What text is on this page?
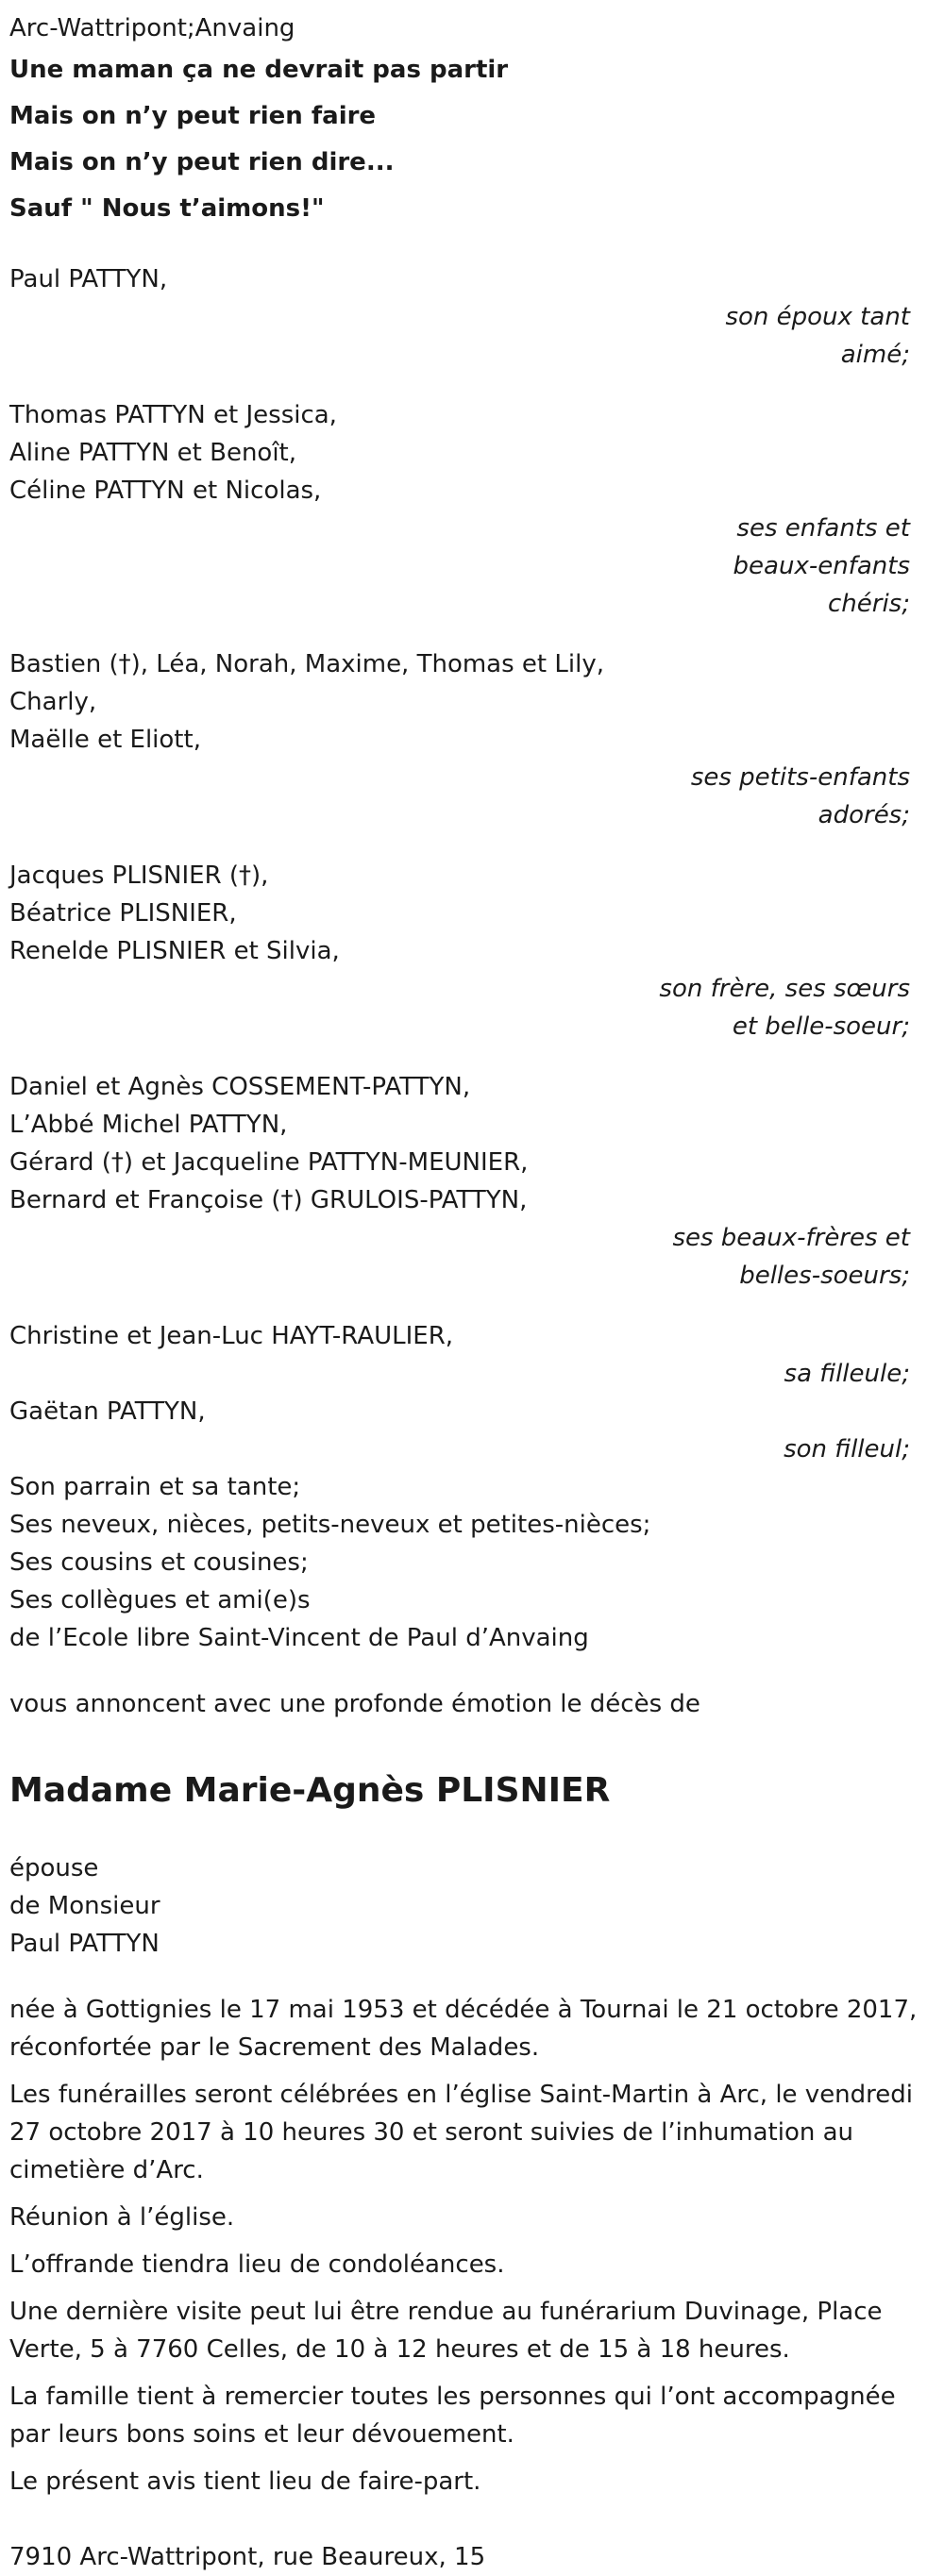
Arc-Wattripont;Anvaing
Une maman ça ne devrait pas partir
Mais on n’y peut rien faire
Mais on n’y peut rien dire...
Sauf " Nous t’aimons!"
Paul PATTYN,
son époux tant
aimé;
Thomas PATTYN et Jessica,
Aline PATTYN et Benoît,
Céline PATTYN et Nicolas,
ses enfants et
beaux-enfants
chéris;
Bastien (†), Léa, Norah, Maxime, Thomas et Lily,
Charly,
Maëlle et Eliott,
ses petits-enfants
adorés;
Jacques PLISNIER (†),
Béatrice PLISNIER,
Renelde PLISNIER et Silvia,
son frère, ses sœurs
et belle-soeur;
Daniel et Agnès COSSEMENT-PATTYN,
L’Abbé Michel PATTYN,
Gérard (†) et Jacqueline PATTYN-MEUNIER,
Bernard et Françoise (†) GRULOIS-PATTYN,
ses beaux-frères et
belles-soeurs;
Christine et Jean-Luc HAYT-RAULIER,
sa filleule;
Gaëtan PATTYN,
son filleul;
Son parrain et sa tante;
Ses neveux, nièces, petits-neveux et petites-nièces;
Ses cousins et cousines;
Ses collègues et ami(e)s
de l’Ecole libre Saint-Vincent de Paul d’Anvaing
vous annoncent avec une profonde émotion le décès de
Madame Marie-Agnès PLISNIER
épouse
de Monsieur
Paul PATTYN
née à Gottignies le 17 mai 1953 et décédée à Tournai le 21 octobre 2017,
réconfortée par le Sacrement des Malades.
Les funérailles seront célébrées en l’église Saint-Martin à Arc, le vendredi
27 octobre 2017 à 10 heures 30 et seront suivies de l’inhumation au
cimetière d’Arc.
Réunion à l’église.
L’offrande tiendra lieu de condoléances.
Une dernière visite peut lui être rendue au funérarium Duvinage, Place
Verte, 5 à 7760 Celles, de 10 à 12 heures et de 15 à 18 heures.
La famille tient à remercier toutes les personnes qui l’ont accompagnée
par leurs bons soins et leur dévouement.
Le présent avis tient lieu de faire-part.
7910 Arc-Wattripont, rue Beaureux, 15
